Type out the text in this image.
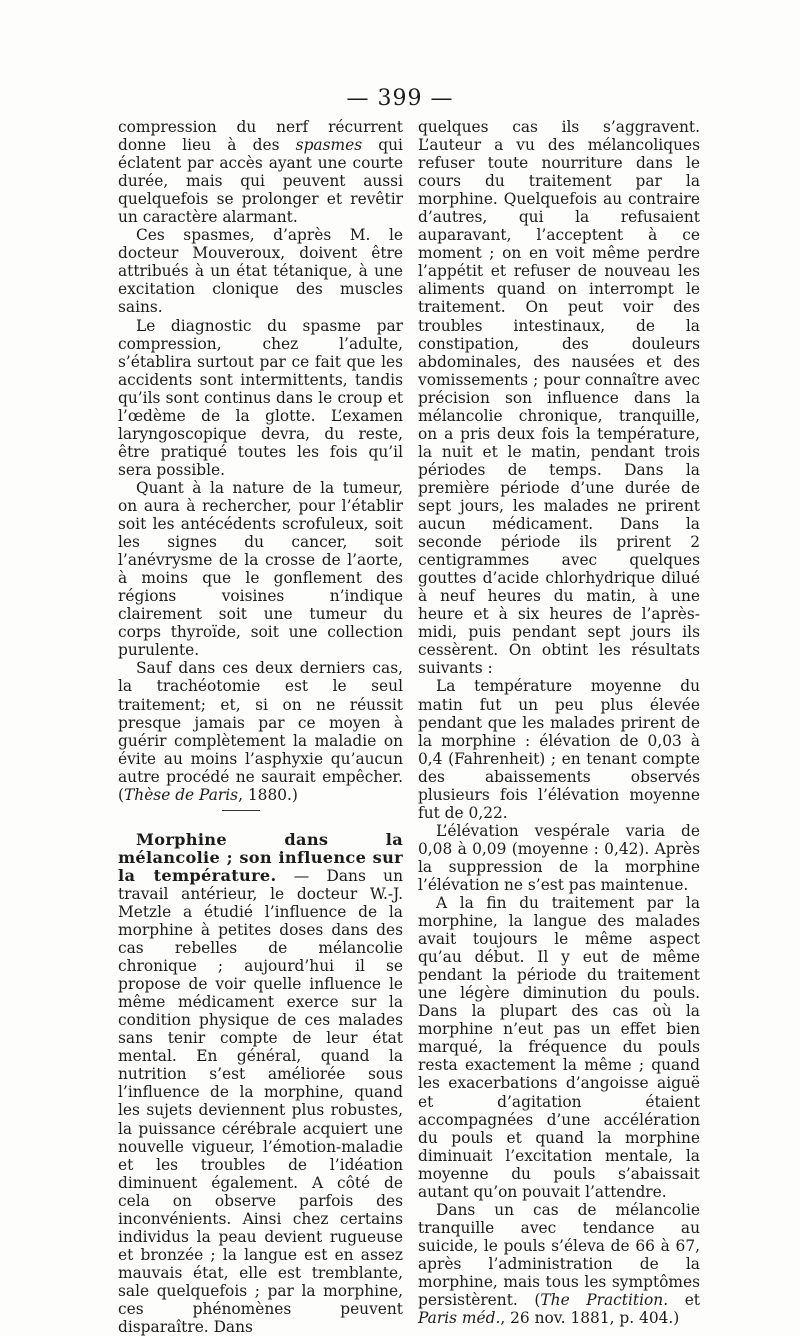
— 399 —

compression du nerf récurrent donne lieu à des spasmes qui éclatent par accès ayant une courte durée, mais qui peuvent aussi quelquefois se prolonger et revêtir un caractère alarmant.

Ces spasmes, d’après M. le docteur Mouveroux, doivent être attribués à un état tétanique, à une excitation clonique des muscles sains.

Le diagnostic du spasme par compression, chez l’adulte, s’établira surtout par ce fait que les accidents sont intermittents, tandis qu’ils sont continus dans le croup et l’œdème de la glotte. L’examen laryngoscopique devra, du reste, être pratiqué toutes les fois qu’il sera possible.

Quant à la nature de la tumeur, on aura à rechercher, pour l’établir soit les antécédents scrofuleux, soit les signes du cancer, soit l’anévrysme de la crosse de l’aorte, à moins que le gonflement des régions voisines n’indique clairement soit une tumeur du corps thyroïde, soit une collection purulente.

Sauf dans ces deux derniers cas, la trachéotomie est le seul traitement; et, si on ne réussit presque jamais par ce moyen à guérir complètement la maladie on évite au moins l’asphyxie qu’aucun autre procédé ne saurait empêcher. (Thèse de Paris, 1880.)

Morphine dans la mélancolie ; son influence sur la température. — Dans un travail antérieur, le docteur W.-J. Metzle a étudié l’influence de la morphine à petites doses dans des cas rebelles de mélancolie chronique ; aujourd’hui il se propose de voir quelle influence le même médicament exerce sur la condition physique de ces malades sans tenir compte de leur état mental. En général, quand la nutrition s’est améliorée sous l’influence de la morphine, quand les sujets deviennent plus robustes, la puissance cérébrale acquiert une nouvelle vigueur, l’émotion-maladie et les troubles de l’idéation diminuent également. A côté de cela on observe parfois des inconvénients. Ainsi chez certains individus la peau devient rugueuse et bronzée ; la langue est en assez mauvais état, elle est tremblante, sale quelquefois ; par la morphine, ces phénomènes peuvent disparaître. Dans

quelques cas ils s’aggravent. L’auteur a vu des mélancoliques refuser toute nourriture dans le cours du traitement par la morphine. Quelquefois au contraire d’autres, qui la refusaient auparavant, l’acceptent à ce moment ; on en voit même perdre l’appétit et refuser de nouveau les aliments quand on interrompt le traitement. On peut voir des troubles intestinaux, de la constipation, des douleurs abdominales, des nausées et des vomissements ; pour connaître avec précision son influence dans la mélancolie chronique, tranquille, on a pris deux fois la température, la nuit et le matin, pendant trois périodes de temps. Dans la première période d’une durée de sept jours, les malades ne prirent aucun médicament. Dans la seconde période ils prirent 2 centigrammes avec quelques gouttes d’acide chlorhydrique dilué à neuf heures du matin, à une heure et à six heures de l’après-midi, puis pendant sept jours ils cessèrent. On obtint les résultats suivants :

La température moyenne du matin fut un peu plus élevée pendant que les malades prirent de la morphine : élévation de 0,03 à 0,4 (Fahrenheit) ; en tenant compte des abaissements observés plusieurs fois l’élévation moyenne fut de 0,22.

L’élévation vespérale varia de 0,08 à 0,09 (moyenne : 0,42). Après la suppression de la morphine l’élévation ne s’est pas maintenue.

A la fin du traitement par la morphine, la langue des malades avait toujours le même aspect qu’au début. Il y eut de même pendant la période du traitement une légère diminution du pouls. Dans la plupart des cas où la morphine n’eut pas un effet bien marqué, la fréquence du pouls resta exactement la même ; quand les exacerbations d’angoisse aiguë et d’agitation étaient accompagnées d’une accélération du pouls et quand la morphine diminuait l’excitation mentale, la moyenne du pouls s’abaissait autant qu’on pouvait l’attendre.

Dans un cas de mélancolie tranquille avec tendance au suicide, le pouls s’éleva de 66 à 67, après l’administration de la morphine, mais tous les symptômes persistèrent. (The Practition. et Paris méd., 26 nov. 1881, p. 404.)
